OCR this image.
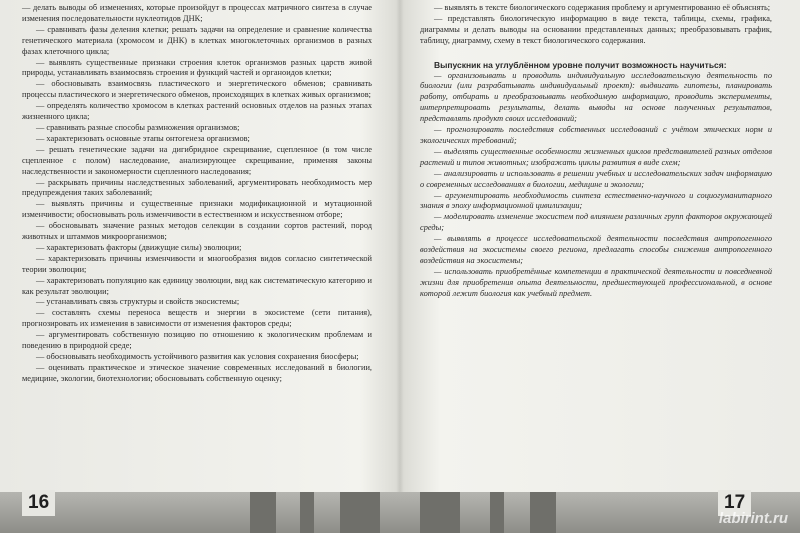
— делать выводы об изменениях, которые произойдут в процессах матричного синтеза в случае изменения последовательности нуклеотидов ДНК;

— сравнивать фазы деления клетки; решать задачи на определение и сравнение количества генетического материала (хромосом и ДНК) в клетках многоклеточных организмов в разных фазах клеточного цикла;

— выявлять существенные признаки строения клеток организмов разных царств живой природы, устанавливать взаимосвязь строения и функций частей и органоидов клетки;

— обосновывать взаимосвязь пластического и энергетического обменов; сравнивать процессы пластического и энергетического обменов, происходящих в клетках живых организмов;

— определять количество хромосом в клетках растений основных отделов на разных этапах жизненного цикла;

— сравнивать разные способы размножения организмов;

— характеризовать основные этапы онтогенеза организмов;

— решать генетические задачи на дигибридное скрещивание, сцепленное (в том числе сцепленное с полом) наследование, анализирующее скрещивание, применяя законы наследственности и закономерности сцепленного наследования;

— раскрывать причины наследственных заболеваний, аргументировать необходимость мер предупреждения таких заболеваний;

— выявлять причины и существенные признаки модификационной и мутационной изменчивости; обосновывать роль изменчивости в естественном и искусственном отборе;

— обосновывать значение разных методов селекции в создании сортов растений, пород животных и штаммов микроорганизмов;

— характеризовать факторы (движущие силы) эволюции;

— характеризовать причины изменчивости и многообразия видов согласно синтетической теории эволюции;

— характеризовать популяцию как единицу эволюции, вид как систематическую категорию и как результат эволюции;

— устанавливать связь структуры и свойств экосистемы;

— составлять схемы переноса веществ и энергии в экосистеме (сети питания), прогнозировать их изменения в зависимости от изменения факторов среды;

— аргументировать собственную позицию по отношению к экологическим проблемам и поведению в природной среде;

— обосновывать необходимость устойчивого развития как условия сохранения биосферы;

— оценивать практическое и этическое значение современных исследований в биологии, медицине, экологии, биотехнологии; обосновывать собственную оценку;

16

— выявлять в тексте биологического содержания проблему и аргументированно её объяснять;

— представлять биологическую информацию в виде текста, таблицы, схемы, графика, диаграммы и делать выводы на основании представленных данных; преобразовывать график, таблицу, диаграмму, схему в текст биологического содержания.

Выпускник на углублённом уровне получит возможность научиться:

— организовывать и проводить индивидуальную исследовательскую деятельность по биологии (или разрабатывать индивидуальный проект): выдвигать гипотезы, планировать работу, отбирать и преобразовывать необходимую информацию, проводить эксперименты, интерпретировать результаты, делать выводы на основе полученных результатов, представлять продукт своих исследований;

— прогнозировать последствия собственных исследований с учётом этических норм и экологических требований;

— выделять существенные особенности жизненных циклов представителей разных отделов растений и типов животных; изображать циклы развития в виде схем;

— анализировать и использовать в решении учебных и исследовательских задач информацию о современных исследованиях в биологии, медицине и экологии;

— аргументировать необходимость синтеза естественно-научного и социогуманитарного знания в эпоху информационной цивилизации;

— моделировать изменение экосистем под влиянием различных групп факторов окружающей среды;

— выявлять в процессе исследовательской деятельности последствия антропогенного воздействия на экосистемы своего региона, предлагать способы снижения антропогенного воздействия на экосистемы;

— использовать приобретённые компетенции в практической деятельности и повседневной жизни для приобретения опыта деятельности, предшествующей профессиональной, в основе которой лежит биология как учебный предмет.

17
labirint.ru
